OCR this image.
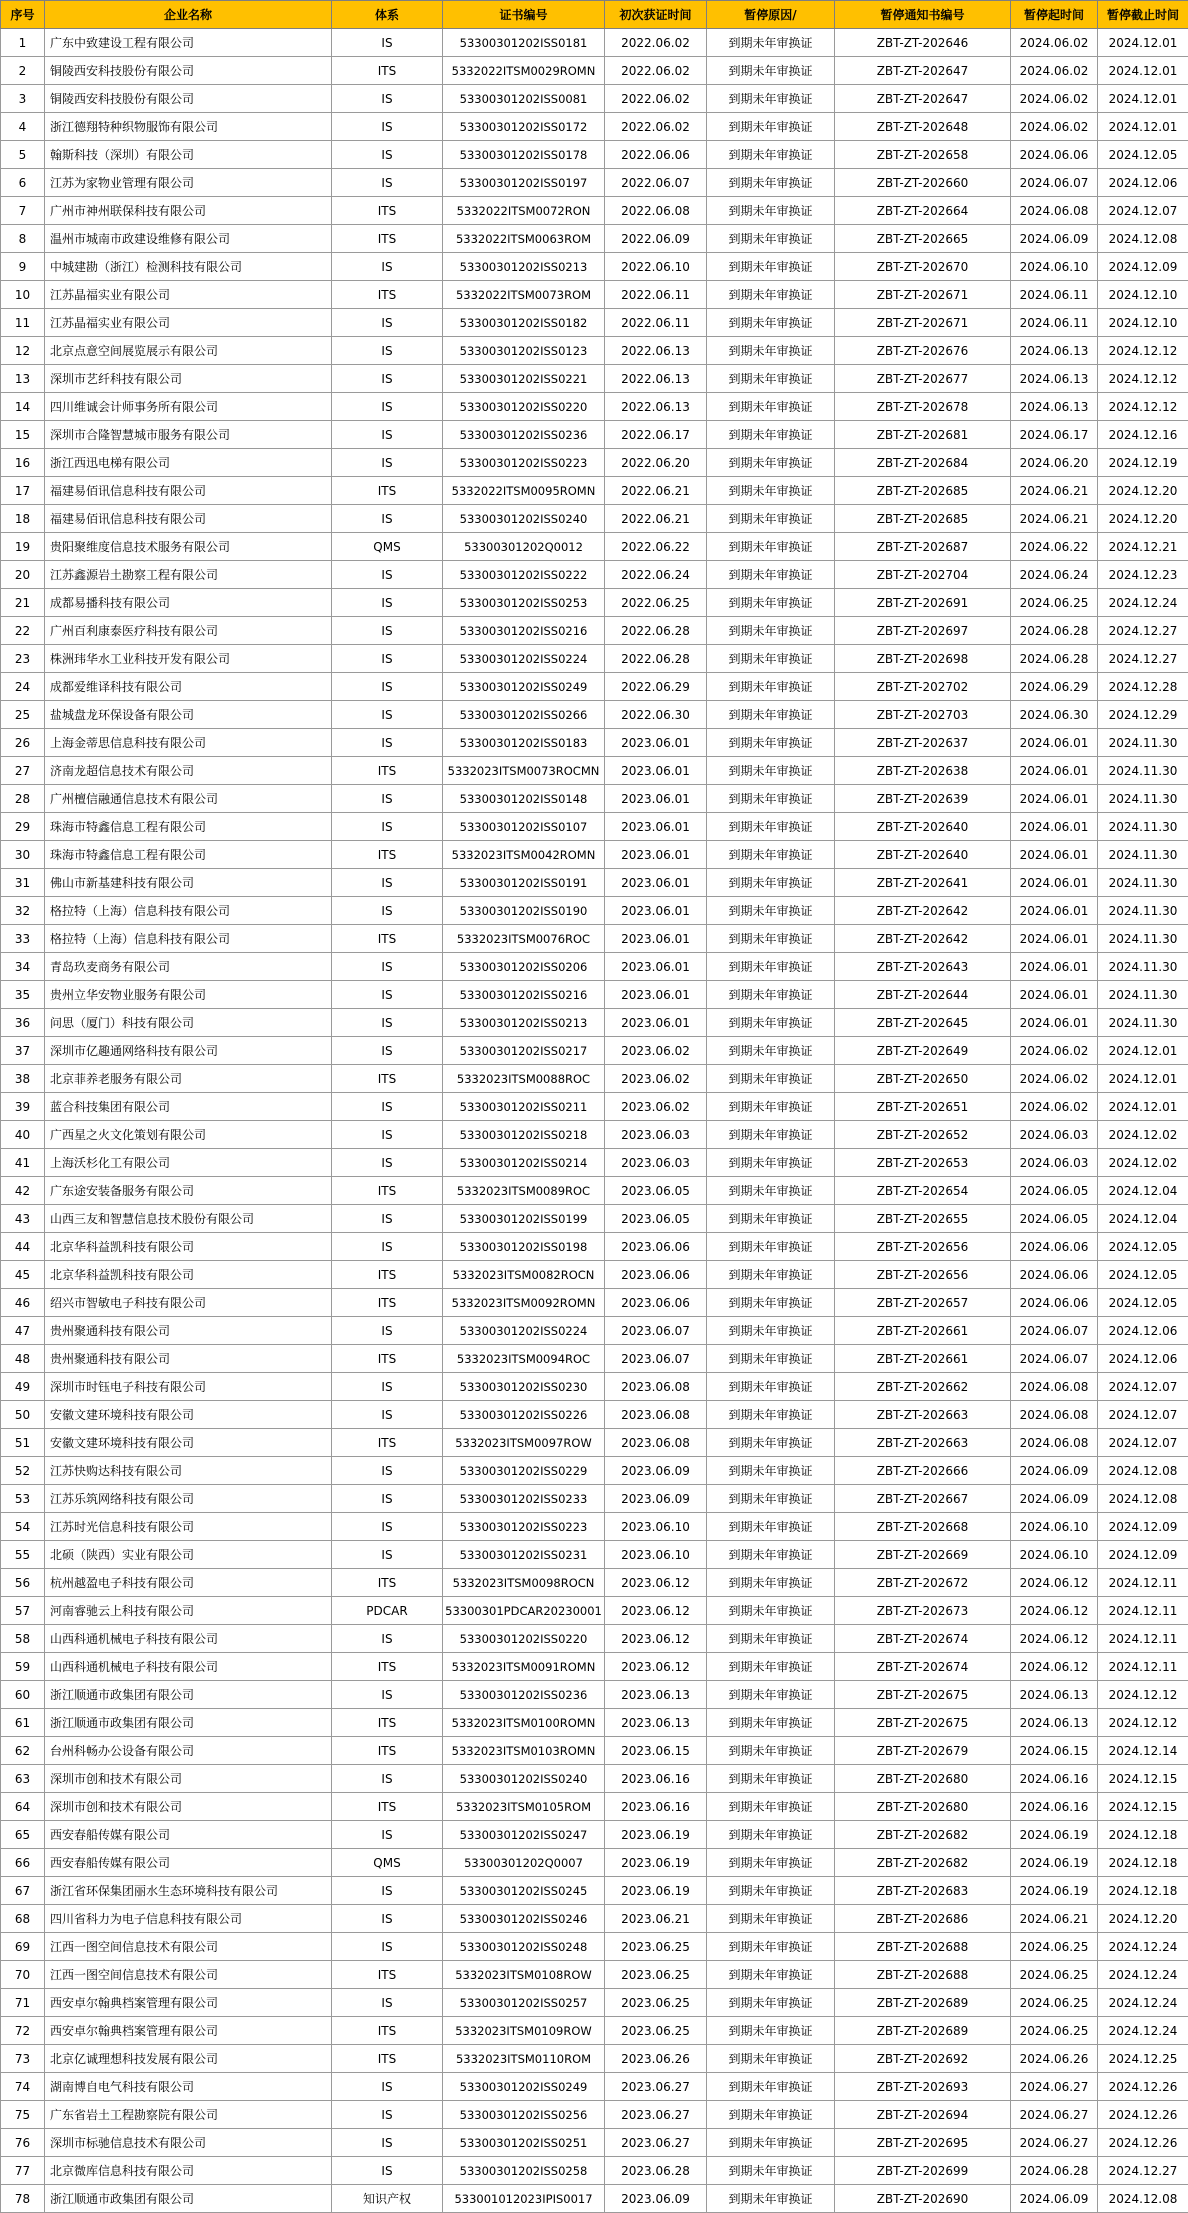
序号	企业名称	体系	证书编号	初次获证时间	暂停原因/	暂停通知书编号	暂停起时间	暂停截止时间
1	广东中致建设工程有限公司	IS	53300301202ISS0181	2022.06.02	到期未年审换证	ZBT-ZT-202646	2024.06.02	2024.12.01
2	铜陵西安科技股份有限公司	ITS	5332022ITSM0029ROMN	2022.06.02	到期未年审换证	ZBT-ZT-202647	2024.06.02	2024.12.01
3	铜陵西安科技股份有限公司	IS	53300301202ISS0081	2022.06.02	到期未年审换证	ZBT-ZT-202647	2024.06.02	2024.12.01
4	浙江德翔特种织物服饰有限公司	IS	53300301202ISS0172	2022.06.02	到期未年审换证	ZBT-ZT-202648	2024.06.02	2024.12.01
5	翰斯科技（深圳）有限公司	IS	53300301202ISS0178	2022.06.06	到期未年审换证	ZBT-ZT-202658	2024.06.06	2024.12.05
6	江苏为家物业管理有限公司	IS	53300301202ISS0197	2022.06.07	到期未年审换证	ZBT-ZT-202660	2024.06.07	2024.12.06
7	广州市神州联保科技有限公司	ITS	5332022ITSM0072RON	2022.06.08	到期未年审换证	ZBT-ZT-202664	2024.06.08	2024.12.07
8	温州市城南市政建设维修有限公司	ITS	5332022ITSM0063ROM	2022.06.09	到期未年审换证	ZBT-ZT-202665	2024.06.09	2024.12.08
9	中城建勘（浙江）检测科技有限公司	IS	53300301202ISS0213	2022.06.10	到期未年审换证	ZBT-ZT-202670	2024.06.10	2024.12.09
10	江苏晶福实业有限公司	ITS	5332022ITSM0073ROM	2022.06.11	到期未年审换证	ZBT-ZT-202671	2024.06.11	2024.12.10
11	江苏晶福实业有限公司	IS	53300301202ISS0182	2022.06.11	到期未年审换证	ZBT-ZT-202671	2024.06.11	2024.12.10
12	北京点意空间展览展示有限公司	IS	53300301202ISS0123	2022.06.13	到期未年审换证	ZBT-ZT-202676	2024.06.13	2024.12.12
13	深圳市艺纤科技有限公司	IS	53300301202ISS0221	2022.06.13	到期未年审换证	ZBT-ZT-202677	2024.06.13	2024.12.12
14	四川维诚会计师事务所有限公司	IS	53300301202ISS0220	2022.06.13	到期未年审换证	ZBT-ZT-202678	2024.06.13	2024.12.12
15	深圳市合隆智慧城市服务有限公司	IS	53300301202ISS0236	2022.06.17	到期未年审换证	ZBT-ZT-202681	2024.06.17	2024.12.16
16	浙江西迅电梯有限公司	IS	53300301202ISS0223	2022.06.20	到期未年审换证	ZBT-ZT-202684	2024.06.20	2024.12.19
17	福建易佰讯信息科技有限公司	ITS	5332022ITSM0095ROMN	2022.06.21	到期未年审换证	ZBT-ZT-202685	2024.06.21	2024.12.20
18	福建易佰讯信息科技有限公司	IS	53300301202ISS0240	2022.06.21	到期未年审换证	ZBT-ZT-202685	2024.06.21	2024.12.20
19	贵阳聚维度信息技术服务有限公司	QMS	53300301202Q0012	2022.06.22	到期未年审换证	ZBT-ZT-202687	2024.06.22	2024.12.21
20	江苏鑫源岩土勘察工程有限公司	IS	53300301202ISS0222	2022.06.24	到期未年审换证	ZBT-ZT-202704	2024.06.24	2024.12.23
21	成都易播科技有限公司	IS	53300301202ISS0253	2022.06.25	到期未年审换证	ZBT-ZT-202691	2024.06.25	2024.12.24
22	广州百利康泰医疗科技有限公司	IS	53300301202ISS0216	2022.06.28	到期未年审换证	ZBT-ZT-202697	2024.06.28	2024.12.27
23	株洲玮华水工业科技开发有限公司	IS	53300301202ISS0224	2022.06.28	到期未年审换证	ZBT-ZT-202698	2024.06.28	2024.12.27
24	成都爱维译科技有限公司	IS	53300301202ISS0249	2022.06.29	到期未年审换证	ZBT-ZT-202702	2024.06.29	2024.12.28
25	盐城盘龙环保设备有限公司	IS	53300301202ISS0266	2022.06.30	到期未年审换证	ZBT-ZT-202703	2024.06.30	2024.12.29
26	上海金蒂思信息科技有限公司	IS	53300301202ISS0183	2023.06.01	到期未年审换证	ZBT-ZT-202637	2024.06.01	2024.11.30
27	济南龙超信息技术有限公司	ITS	5332023ITSM0073ROCMN	2023.06.01	到期未年审换证	ZBT-ZT-202638	2024.06.01	2024.11.30
28	广州檀信融通信息技术有限公司	IS	53300301202ISS0148	2023.06.01	到期未年审换证	ZBT-ZT-202639	2024.06.01	2024.11.30
29	珠海市特鑫信息工程有限公司	IS	53300301202ISS0107	2023.06.01	到期未年审换证	ZBT-ZT-202640	2024.06.01	2024.11.30
30	珠海市特鑫信息工程有限公司	ITS	5332023ITSM0042ROMN	2023.06.01	到期未年审换证	ZBT-ZT-202640	2024.06.01	2024.11.30
31	佛山市新基建科技有限公司	IS	53300301202ISS0191	2023.06.01	到期未年审换证	ZBT-ZT-202641	2024.06.01	2024.11.30
32	格拉特（上海）信息科技有限公司	IS	53300301202ISS0190	2023.06.01	到期未年审换证	ZBT-ZT-202642	2024.06.01	2024.11.30
33	格拉特（上海）信息科技有限公司	ITS	5332023ITSM0076ROC	2023.06.01	到期未年审换证	ZBT-ZT-202642	2024.06.01	2024.11.30
34	青岛玖麦商务有限公司	IS	53300301202ISS0206	2023.06.01	到期未年审换证	ZBT-ZT-202643	2024.06.01	2024.11.30
35	贵州立华安物业服务有限公司	IS	53300301202ISS0216	2023.06.01	到期未年审换证	ZBT-ZT-202644	2024.06.01	2024.11.30
36	问思（厦门）科技有限公司	IS	53300301202ISS0213	2023.06.01	到期未年审换证	ZBT-ZT-202645	2024.06.01	2024.11.30
37	深圳市亿趣通网络科技有限公司	IS	53300301202ISS0217	2023.06.02	到期未年审换证	ZBT-ZT-202649	2024.06.02	2024.12.01
38	北京菲养老服务有限公司	ITS	5332023ITSM0088ROC	2023.06.02	到期未年审换证	ZBT-ZT-202650	2024.06.02	2024.12.01
39	蓝合科技集团有限公司	IS	53300301202ISS0211	2023.06.02	到期未年审换证	ZBT-ZT-202651	2024.06.02	2024.12.01
40	广西星之火文化策划有限公司	IS	53300301202ISS0218	2023.06.03	到期未年审换证	ZBT-ZT-202652	2024.06.03	2024.12.02
41	上海沃杉化工有限公司	IS	53300301202ISS0214	2023.06.03	到期未年审换证	ZBT-ZT-202653	2024.06.03	2024.12.02
42	广东途安装备服务有限公司	ITS	5332023ITSM0089ROC	2023.06.05	到期未年审换证	ZBT-ZT-202654	2024.06.05	2024.12.04
43	山西三友和智慧信息技术股份有限公司	IS	53300301202ISS0199	2023.06.05	到期未年审换证	ZBT-ZT-202655	2024.06.05	2024.12.04
44	北京华科益凯科技有限公司	IS	53300301202ISS0198	2023.06.06	到期未年审换证	ZBT-ZT-202656	2024.06.06	2024.12.05
45	北京华科益凯科技有限公司	ITS	5332023ITSM0082ROCN	2023.06.06	到期未年审换证	ZBT-ZT-202656	2024.06.06	2024.12.05
46	绍兴市智敏电子科技有限公司	ITS	5332023ITSM0092ROMN	2023.06.06	到期未年审换证	ZBT-ZT-202657	2024.06.06	2024.12.05
47	贵州聚通科技有限公司	IS	53300301202ISS0224	2023.06.07	到期未年审换证	ZBT-ZT-202661	2024.06.07	2024.12.06
48	贵州聚通科技有限公司	ITS	5332023ITSM0094ROC	2023.06.07	到期未年审换证	ZBT-ZT-202661	2024.06.07	2024.12.06
49	深圳市时钰电子科技有限公司	IS	53300301202ISS0230	2023.06.08	到期未年审换证	ZBT-ZT-202662	2024.06.08	2024.12.07
50	安徽文建环境科技有限公司	IS	53300301202ISS0226	2023.06.08	到期未年审换证	ZBT-ZT-202663	2024.06.08	2024.12.07
51	安徽文建环境科技有限公司	ITS	5332023ITSM0097ROW	2023.06.08	到期未年审换证	ZBT-ZT-202663	2024.06.08	2024.12.07
52	江苏快购达科技有限公司	IS	53300301202ISS0229	2023.06.09	到期未年审换证	ZBT-ZT-202666	2024.06.09	2024.12.08
53	江苏乐筑网络科技有限公司	IS	53300301202ISS0233	2023.06.09	到期未年审换证	ZBT-ZT-202667	2024.06.09	2024.12.08
54	江苏时光信息科技有限公司	IS	53300301202ISS0223	2023.06.10	到期未年审换证	ZBT-ZT-202668	2024.06.10	2024.12.09
55	北硕（陕西）实业有限公司	IS	53300301202ISS0231	2023.06.10	到期未年审换证	ZBT-ZT-202669	2024.06.10	2024.12.09
56	杭州越盈电子科技有限公司	ITS	5332023ITSM0098ROCN	2023.06.12	到期未年审换证	ZBT-ZT-202672	2024.06.12	2024.12.11
57	河南睿驰云上科技有限公司	PDCAR	53300301PDCAR20230001	2023.06.12	到期未年审换证	ZBT-ZT-202673	2024.06.12	2024.12.11
58	山西科通机械电子科技有限公司	IS	53300301202ISS0220	2023.06.12	到期未年审换证	ZBT-ZT-202674	2024.06.12	2024.12.11
59	山西科通机械电子科技有限公司	ITS	5332023ITSM0091ROMN	2023.06.12	到期未年审换证	ZBT-ZT-202674	2024.06.12	2024.12.11
60	浙江顺通市政集团有限公司	IS	53300301202ISS0236	2023.06.13	到期未年审换证	ZBT-ZT-202675	2024.06.13	2024.12.12
61	浙江顺通市政集团有限公司	ITS	5332023ITSM0100ROMN	2023.06.13	到期未年审换证	ZBT-ZT-202675	2024.06.13	2024.12.12
62	台州科畅办公设备有限公司	ITS	5332023ITSM0103ROMN	2023.06.15	到期未年审换证	ZBT-ZT-202679	2024.06.15	2024.12.14
63	深圳市创和技术有限公司	IS	53300301202ISS0240	2023.06.16	到期未年审换证	ZBT-ZT-202680	2024.06.16	2024.12.15
64	深圳市创和技术有限公司	ITS	5332023ITSM0105ROM	2023.06.16	到期未年审换证	ZBT-ZT-202680	2024.06.16	2024.12.15
65	西安春船传媒有限公司	IS	53300301202ISS0247	2023.06.19	到期未年审换证	ZBT-ZT-202682	2024.06.19	2024.12.18
66	西安春船传媒有限公司	QMS	53300301202Q0007	2023.06.19	到期未年审换证	ZBT-ZT-202682	2024.06.19	2024.12.18
67	浙江省环保集团丽水生态环境科技有限公司	IS	53300301202ISS0245	2023.06.19	到期未年审换证	ZBT-ZT-202683	2024.06.19	2024.12.18
68	四川省科力为电子信息科技有限公司	IS	53300301202ISS0246	2023.06.21	到期未年审换证	ZBT-ZT-202686	2024.06.21	2024.12.20
69	江西一图空间信息技术有限公司	IS	53300301202ISS0248	2023.06.25	到期未年审换证	ZBT-ZT-202688	2024.06.25	2024.12.24
70	江西一图空间信息技术有限公司	ITS	5332023ITSM0108ROW	2023.06.25	到期未年审换证	ZBT-ZT-202688	2024.06.25	2024.12.24
71	西安卓尔翰典档案管理有限公司	IS	53300301202ISS0257	2023.06.25	到期未年审换证	ZBT-ZT-202689	2024.06.25	2024.12.24
72	西安卓尔翰典档案管理有限公司	ITS	5332023ITSM0109ROW	2023.06.25	到期未年审换证	ZBT-ZT-202689	2024.06.25	2024.12.24
73	北京亿诚理想科技发展有限公司	ITS	5332023ITSM0110ROM	2023.06.26	到期未年审换证	ZBT-ZT-202692	2024.06.26	2024.12.25
74	湖南博自电气科技有限公司	IS	53300301202ISS0249	2023.06.27	到期未年审换证	ZBT-ZT-202693	2024.06.27	2024.12.26
75	广东省岩土工程勘察院有限公司	IS	53300301202ISS0256	2023.06.27	到期未年审换证	ZBT-ZT-202694	2024.06.27	2024.12.26
76	深圳市标驰信息技术有限公司	IS	53300301202ISS0251	2023.06.27	到期未年审换证	ZBT-ZT-202695	2024.06.27	2024.12.26
77	北京微库信息科技有限公司	IS	53300301202ISS0258	2023.06.28	到期未年审换证	ZBT-ZT-202699	2024.06.28	2024.12.27
78	浙江顺通市政集团有限公司	知识产权	533001012023IPIS0017	2023.06.09	到期未年审换证	ZBT-ZT-202690	2024.06.09	2024.12.08
